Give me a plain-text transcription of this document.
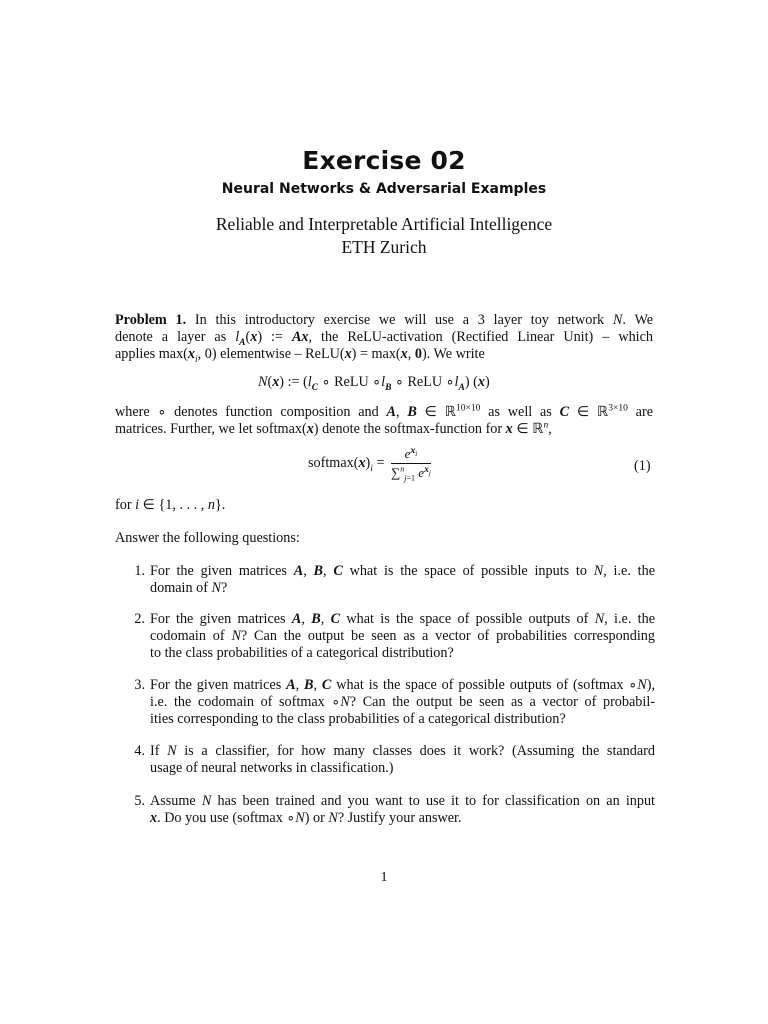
Exercise 02
Neural Networks & Adversarial Examples
Reliable and Interpretable Artificial Intelligence
ETH Zurich
Problem 1. In this introductory exercise we will use a 3 layer toy network N. We
denote a layer as $l_A(x)$ := Ax, the ReLU-activation (Rectified Linear Unit) – which
applies $\max(x_i$, 0) elementwise – ReLU(x) = max(x, 0). We write
N(x) := ($l_C$ ∘ ReLU $\circ l_B$ ∘ ReLU $\circ l_A$) (x)
where ∘ denotes function composition and A, B ∈ ℝ$^{10\times 10}$ as well as C ∈ ℝ$^{3\times 10}$ are
matrices. Further, we let softmax(x) denote the softmax-function for x ∈ ℝ$^n$,
$softmax(x)_i = \frac{e^{x_i}}{\sum^n_{j=1} e^{x_j}}$	(1)
for i ∈ {1, . . . , n}.
Answer the following questions:
1. For the given matrices A, B, C what is the space of possible inputs to N, i.e. the
domain of N?
2. For the given matrices A, B, C what is the space of possible outputs of N, i.e. the
codomain of N? Can the output be seen as a vector of probabilities corresponding
to the class probabilities of a categorical distribution?
3. For the given matrices A, B, C what is the space of possible outputs of (softmax ∘N),
i.e. the codomain of softmax ∘N? Can the output be seen as a vector of probabil-
ities corresponding to the class probabilities of a categorical distribution?
4. If N is a classifier, for how many classes does it work? (Assuming the standard
usage of neural networks in classification.)
5. Assume N has been trained and you want to use it to for classification on an input
x. Do you use (softmax ∘N) or N? Justify your answer.
1
